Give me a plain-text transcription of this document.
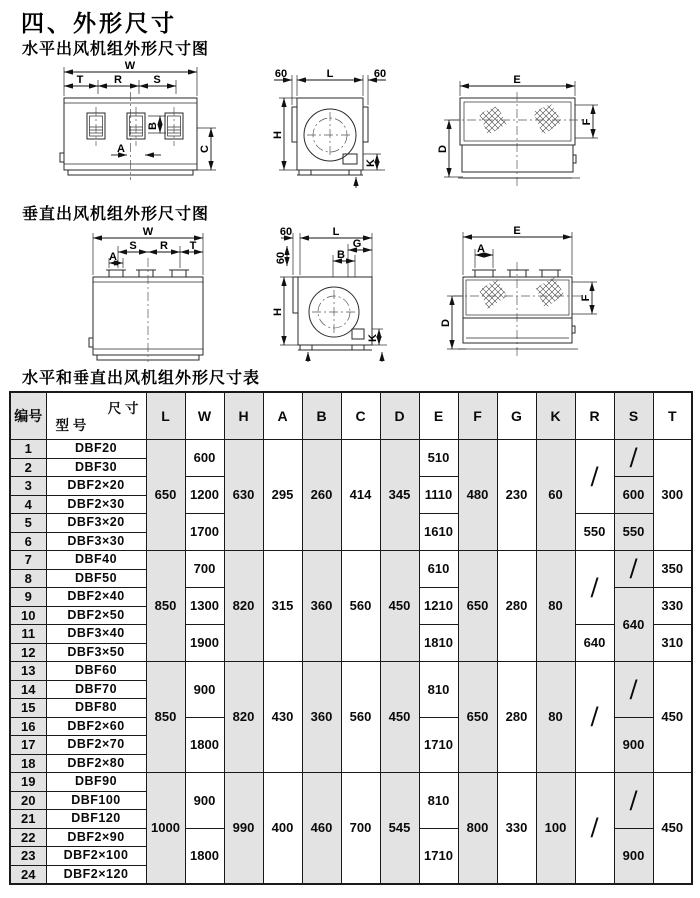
四、外形尺寸
水平出风机组外形尺寸图
W
T	R	S
B
A	C
L
60	60
H
K
E
F
D
垂直出风机组外形尺寸图
W
S R T
A
L
60
60
G
B
H
K
E
A
F
D
水平和垂直出风机组外形尺寸表
编号	尺 寸
型 号	L	W	H	A	B	C	D	E	F	G	K	R	S	T
1	DBF20	650	600	630	295	260	414	345	510	480	230	60	/	/	300
2	DBF30														
3	DBF2×20		1200						1110					600	
4	DBF2×30														
5	DBF3×20		1700						1610				550	550	
6	DBF3×30														
7	DBF40	850	700	820	315	360	560	450	610	650	280	80	/	/	350
8	DBF50														
9	DBF2×40		1300						1210					640	330
10	DBF2×50														
11	DBF3×40		1900						1810				640		310
12	DBF3×50														
13	DBF60	850	900	820	430	360	560	450	810	650	280	80	/	/	450
14	DBF70														
15	DBF80														
16	DBF2×60		1800						1710					900	
17	DBF2×70														
18	DBF2×80														
19	DBF90	1000	900	990	400	460	700	545	810	800	330	100	/	/	450
20	DBF100														
21	DBF120														
22	DBF2×90		1800						1710					900	
23	DBF2×100														
24	DBF2×120														
